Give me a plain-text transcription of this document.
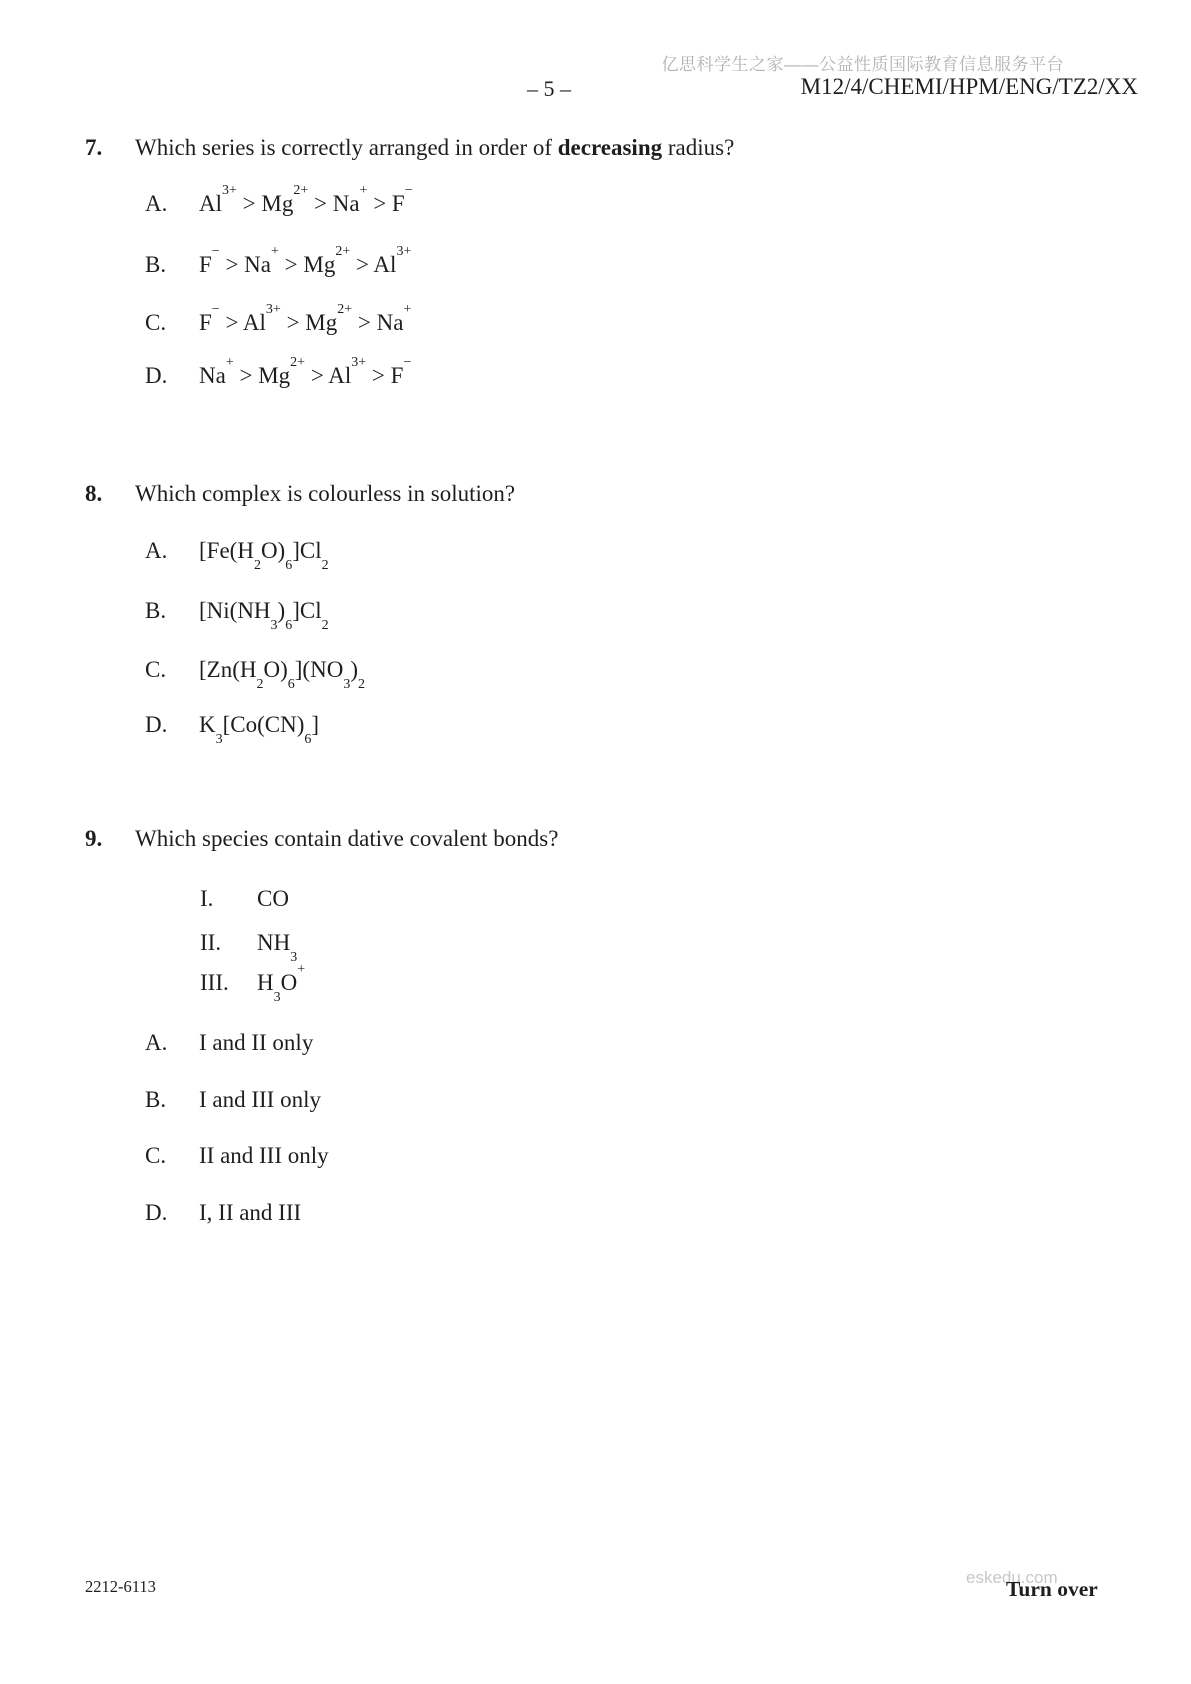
亿思科学生之家——公益性质国际教育信息服务平台
– 5 –	M12/4/CHEMI/HPM/ENG/TZ2/XX
7. Which series is correctly arranged in order of decreasing radius?
A. $Al^{3+} > Mg^{2+} > Na^+ > F^-$
B. $F^- > Na^+ > Mg^{2+} > Al^{3+}$
C. $F^- > Al^{3+} > Mg^{2+} > Na^+$
D. $Na^+ > Mg^{2+} > Al^{3+} > F^-$
8. Which complex is colourless in solution?
A. $[Fe(H_2O)_6]Cl_2$
B. $[Ni(NH_3)_6]Cl_2$
C. $[Zn(H_2O)_6](NO_3)_2$
D. $K_3[Co(CN)_6]$
9. Which species contain dative covalent bonds?
I. CO
II. $NH_3$
III. $H_3O^+$
A. I and II only
B. I and III only
C. II and III only
D. I, II and III
2212-6113	eskedu.com
Turn over
